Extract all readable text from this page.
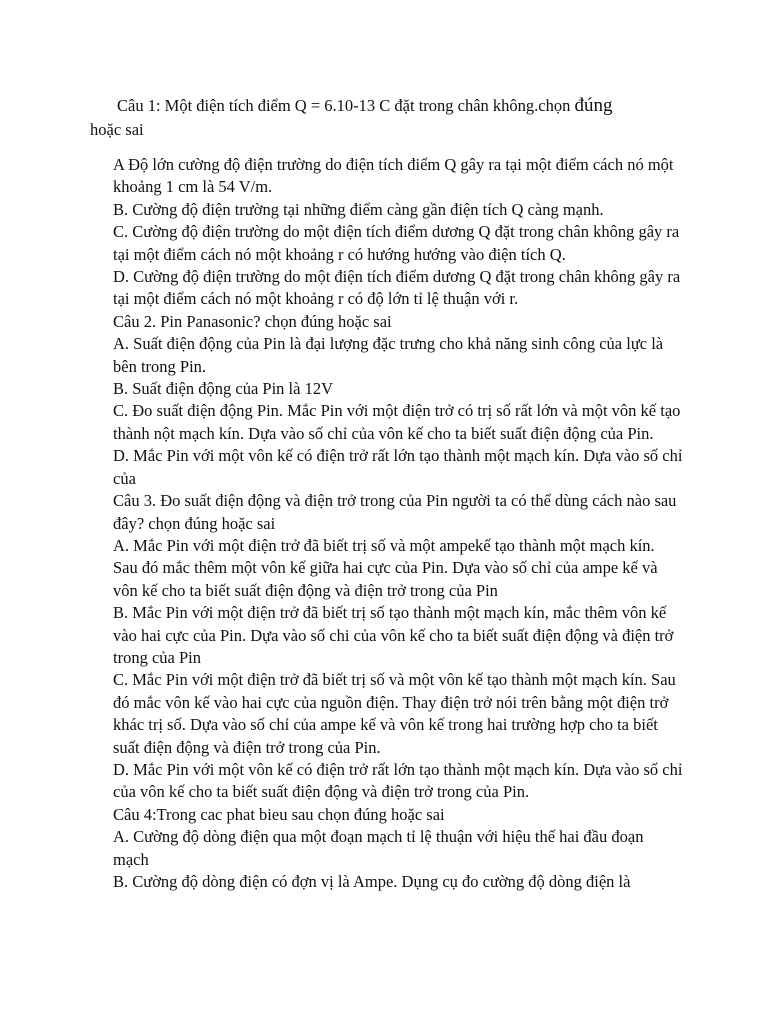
Câu 1: Một điện tích điểm Q = 6.10-13 C đặt trong chân không.chọn đúng
hoặc sai

A Độ lớn cường độ điện trường do điện tích điểm Q gây ra tại một điểm cách nó một khoảng 1 cm là 54 V/m.

B. Cường độ điện trường tại những điểm càng gần điện tích Q càng mạnh.

C. Cường độ điện trường do một điện tích điểm dương Q đặt trong chân không gây ra tại một điểm cách nó một khoảng r có hướng hướng vào điện tích Q.

D. Cường độ điện trường do một điện tích điểm dương Q đặt trong chân không gây ra tại một điểm cách nó một khoảng r có độ lớn tỉ lệ thuận với r.

Câu 2. Pin Panasonic? chọn đúng hoặc sai

A. Suất điện động của Pin là đại lượng đặc trưng cho khả năng sinh công của lực là bên trong Pin.

B. Suất điện động của Pin là 12V

C. Đo suất điện động Pin. Mắc Pin với một điện trở có trị số rất lớn và một vôn kế tạo thành nột mạch kín. Dựa vào số chỉ của vôn kế cho ta biết suất điện động của Pin.

D. Mắc Pin với một vôn kế có điện trở rất lớn tạo thành một mạch kín. Dựa vào số chỉ của

Câu 3. Đo suất điện động và điện trở trong của Pin người ta có thể dùng cách nào sau đây? chọn đúng hoặc sai

A. Mắc Pin với một điện trở đã biết trị số và một ampekế tạo thành một mạch kín. Sau đó mắc thêm một vôn kế giữa hai cực của Pin. Dựa vào số chỉ của ampe kế và vôn kế cho ta biết suất điện động và điện trở trong của Pin

B. Mắc Pin với một điện trở đã biết trị số tạo thành một mạch kín, mắc thêm vôn kế vào hai cực của Pin. Dựa vào số chi của vôn kế cho ta biết suất điện động và điện trở trong của Pin

C. Mắc Pin với một điện trở đã biết trị số và một vôn kế tạo thành một mạch kín. Sau đó mắc vôn kế vào hai cực của nguồn điện. Thay điện trở nói trên bằng một điện trở khác trị số. Dựa vào số chỉ của ampe kế và vôn kế trong hai trường hợp cho ta biết suất điện động và điện trở trong của Pin.

D. Mắc Pin với một vôn kế có điện trở rất lớn tạo thành một mạch kín. Dựa vào số chỉ của vôn kế cho ta biết suất điện động và điện trở trong của Pin.

Câu 4:Trong cac phat bieu sau chọn đúng hoặc sai

A. Cường độ dòng điện qua một đoạn mạch tỉ lệ thuận với hiệu thế hai đầu đoạn mạch

B. Cường độ dòng điện có đợn vị là Ampe. Dụng cụ đo cường độ dòng điện là
